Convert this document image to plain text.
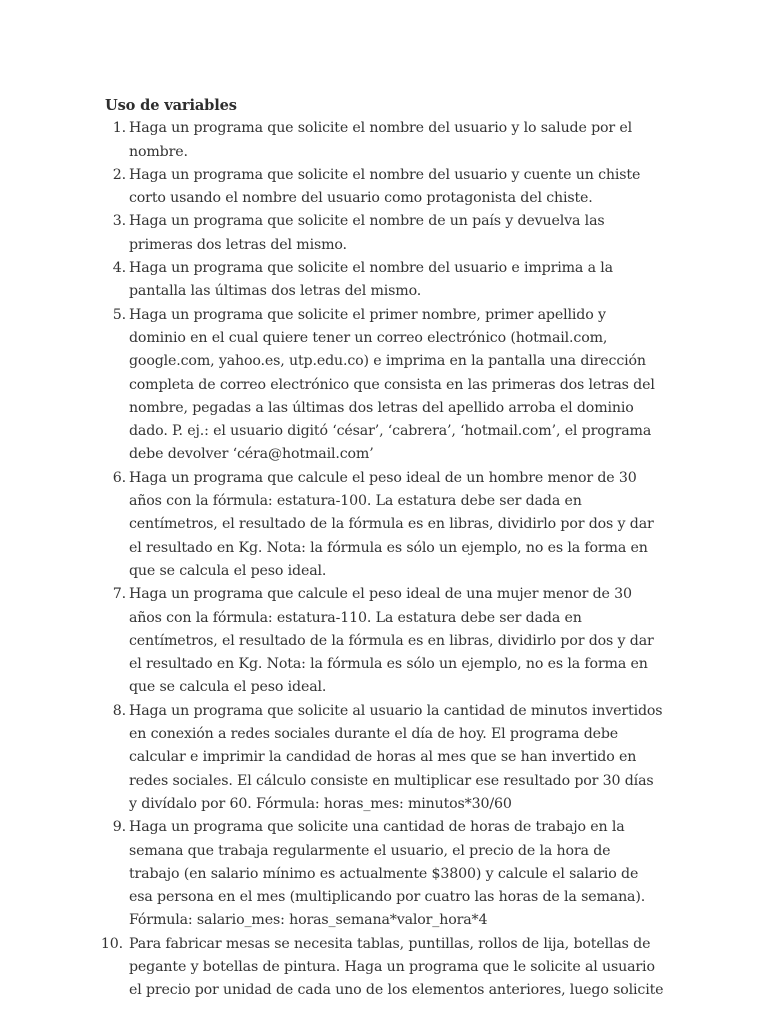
Uso de variables
1. Haga un programa que solicite el nombre del usuario y lo salude por el nombre.
2. Haga un programa que solicite el nombre del usuario y cuente un chiste corto usando el nombre del usuario como protagonista del chiste.
3. Haga un programa que solicite el nombre de un país y devuelva las primeras dos letras del mismo.
4. Haga un programa que solicite el nombre del usuario e imprima a la pantalla las últimas dos letras del mismo.
5. Haga un programa que solicite el primer nombre, primer apellido y dominio en el cual quiere tener un correo electrónico (hotmail.com, google.com, yahoo.es, utp.edu.co) e imprima en la pantalla una dirección completa de correo electrónico que consista en las primeras dos letras del nombre, pegadas a las últimas dos letras del apellido arroba el dominio dado. P. ej.: el usuario digitó ‘césar’, ‘cabrera’, ‘hotmail.com’, el programa debe devolver ‘céra@hotmail.com’
6. Haga un programa que calcule el peso ideal de un hombre menor de 30 años con la fórmula: estatura-100. La estatura debe ser dada en centímetros, el resultado de la fórmula es en libras, dividirlo por dos y dar el resultado en Kg. Nota: la fórmula es sólo un ejemplo, no es la forma en que se calcula el peso ideal.
7. Haga un programa que calcule el peso ideal de una mujer menor de 30 años con la fórmula: estatura-110. La estatura debe ser dada en centímetros, el resultado de la fórmula es en libras, dividirlo por dos y dar el resultado en Kg. Nota: la fórmula es sólo un ejemplo, no es la forma en que se calcula el peso ideal.
8. Haga un programa que solicite al usuario la cantidad de minutos invertidos en conexión a redes sociales durante el día de hoy. El programa debe calcular e imprimir la candidad de horas al mes que se han invertido en redes sociales. El cálculo consiste en multiplicar ese resultado por 30 días y divídalo por 60. Fórmula: horas_mes: minutos*30/60
9. Haga un programa que solicite una cantidad de horas de trabajo en la semana que trabaja regularmente el usuario, el precio de la hora de trabajo (en salario mínimo es actualmente $3800) y calcule el salario de esa persona en el mes (multiplicando por cuatro las horas de la semana). Fórmula: salario_mes: horas_semana*valor_hora*4
10. Para fabricar mesas se necesita tablas, puntillas, rollos de lija, botellas de pegante y botellas de pintura. Haga un programa que le solicite al usuario el precio por unidad de cada uno de los elementos anteriores, luego solicite
